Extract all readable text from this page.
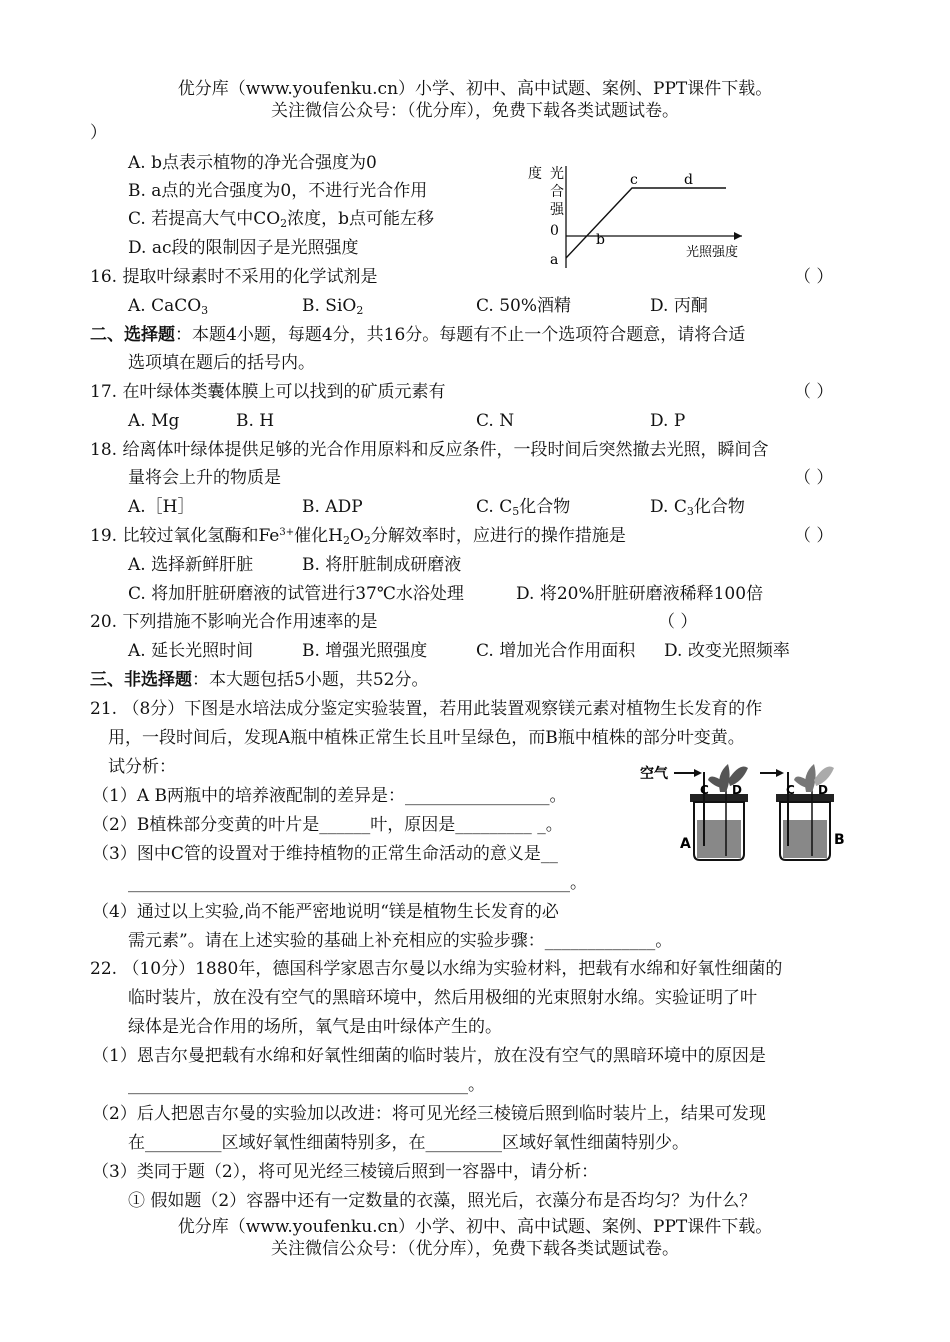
优分库（www.youfenku.cn）小学、初中、高中试题、案例、PPT课件下载。
关注微信公众号：（优分库），免费下载各类试题试卷。
）
A. b点表示植物的净光合强度为0
B. a点的光合强度为0，不进行光合作用
C. 若提高大气中$CO_2$浓度，b点可能左移
D. ac段的限制因子是光照强度
度 光
合
强
0
a
b
c	d
光照强度
16. 提取叶绿素时不采用的化学试剂是	（ ）
A. CaCO$_3$	B. SiO$_2$	C. 50%酒精	D. 丙酮
二、选择题：本题4小题，每题4分，共16分。每题有不止一个选项符合题意，请将合适
选项填在题后的括号内。
17. 在叶绿体类囊体膜上可以找到的矿质元素有	（ ）
A. Mg	B. H	C. N	D. P
18. 给离体叶绿体提供足够的光合作用原料和反应条件，一段时间后突然撤去光照，瞬间含
量将会上升的物质是	（ ）
A.［H］	B. ADP	C. $C_5$化合物	D. $C_3$化合物
19. 比较过氧化氢酶和$Fe^{3+}$催化$H_2O_2$分解效率时，应进行的操作措施是	（ ）
A. 选择新鲜肝脏	B. 将肝脏制成研磨液
C. 将加肝脏研磨液的试管进行37℃水浴处理	D. 将20%肝脏研磨液稀释100倍
20. 下列措施不影响光合作用速率的是	（ ）
A. 延长光照时间	B. 增强光照强度	C. 增加光合作用面积 D. 改变光照频率
三、非选择题：本大题包括5小题，共52分。
21. （8分）下图是水培法成分鉴定实验装置，若用此装置观察镁元素对植物生长发育的作
用，一段时间后，发现A瓶中植株正常生长且叶呈绿色，而B瓶中植株的部分叶变黄。
试分析：
（1）A B两瓶中的培养液配制的差异是：_________________。
（2）B植株部分变黄的叶片是______叶，原因是_________ _。
（3）图中C管的设置对于维持植物的正常生命活动的意义是__
____________________________________________________。
（4）通过以上实验,尚不能严密地说明“镁是植物生长发育的必
需元素”。请在上述实验的基础上补充相应的实验步骤：_____________。
空气
C D
A
C D
B
22. （10分）1880年，德国科学家恩吉尔曼以水绵为实验材料，把载有水绵和好氧性细菌的
临时装片，放在没有空气的黑暗环境中，然后用极细的光束照射水绵。实验证明了叶
绿体是光合作用的场所，氧气是由叶绿体产生的。
（1）恩吉尔曼把载有水绵和好氧性细菌的临时装片，放在没有空气的黑暗环境中的原因是
________________________________________。
（2）后人把恩吉尔曼的实验加以改进：将可见光经三棱镜后照到临时装片上，结果可发现
在_________区域好氧性细菌特别多，在_________区域好氧性细菌特别少。
（3）类同于题（2），将可见光经三棱镜后照到一容器中，请分析：
① 假如题（2）容器中还有一定数量的衣藻，照光后，衣藻分布是否均匀？为什么？
优分库（www.youfenku.cn）小学、初中、高中试题、案例、PPT课件下载。
关注微信公众号：（优分库），免费下载各类试题试卷。
